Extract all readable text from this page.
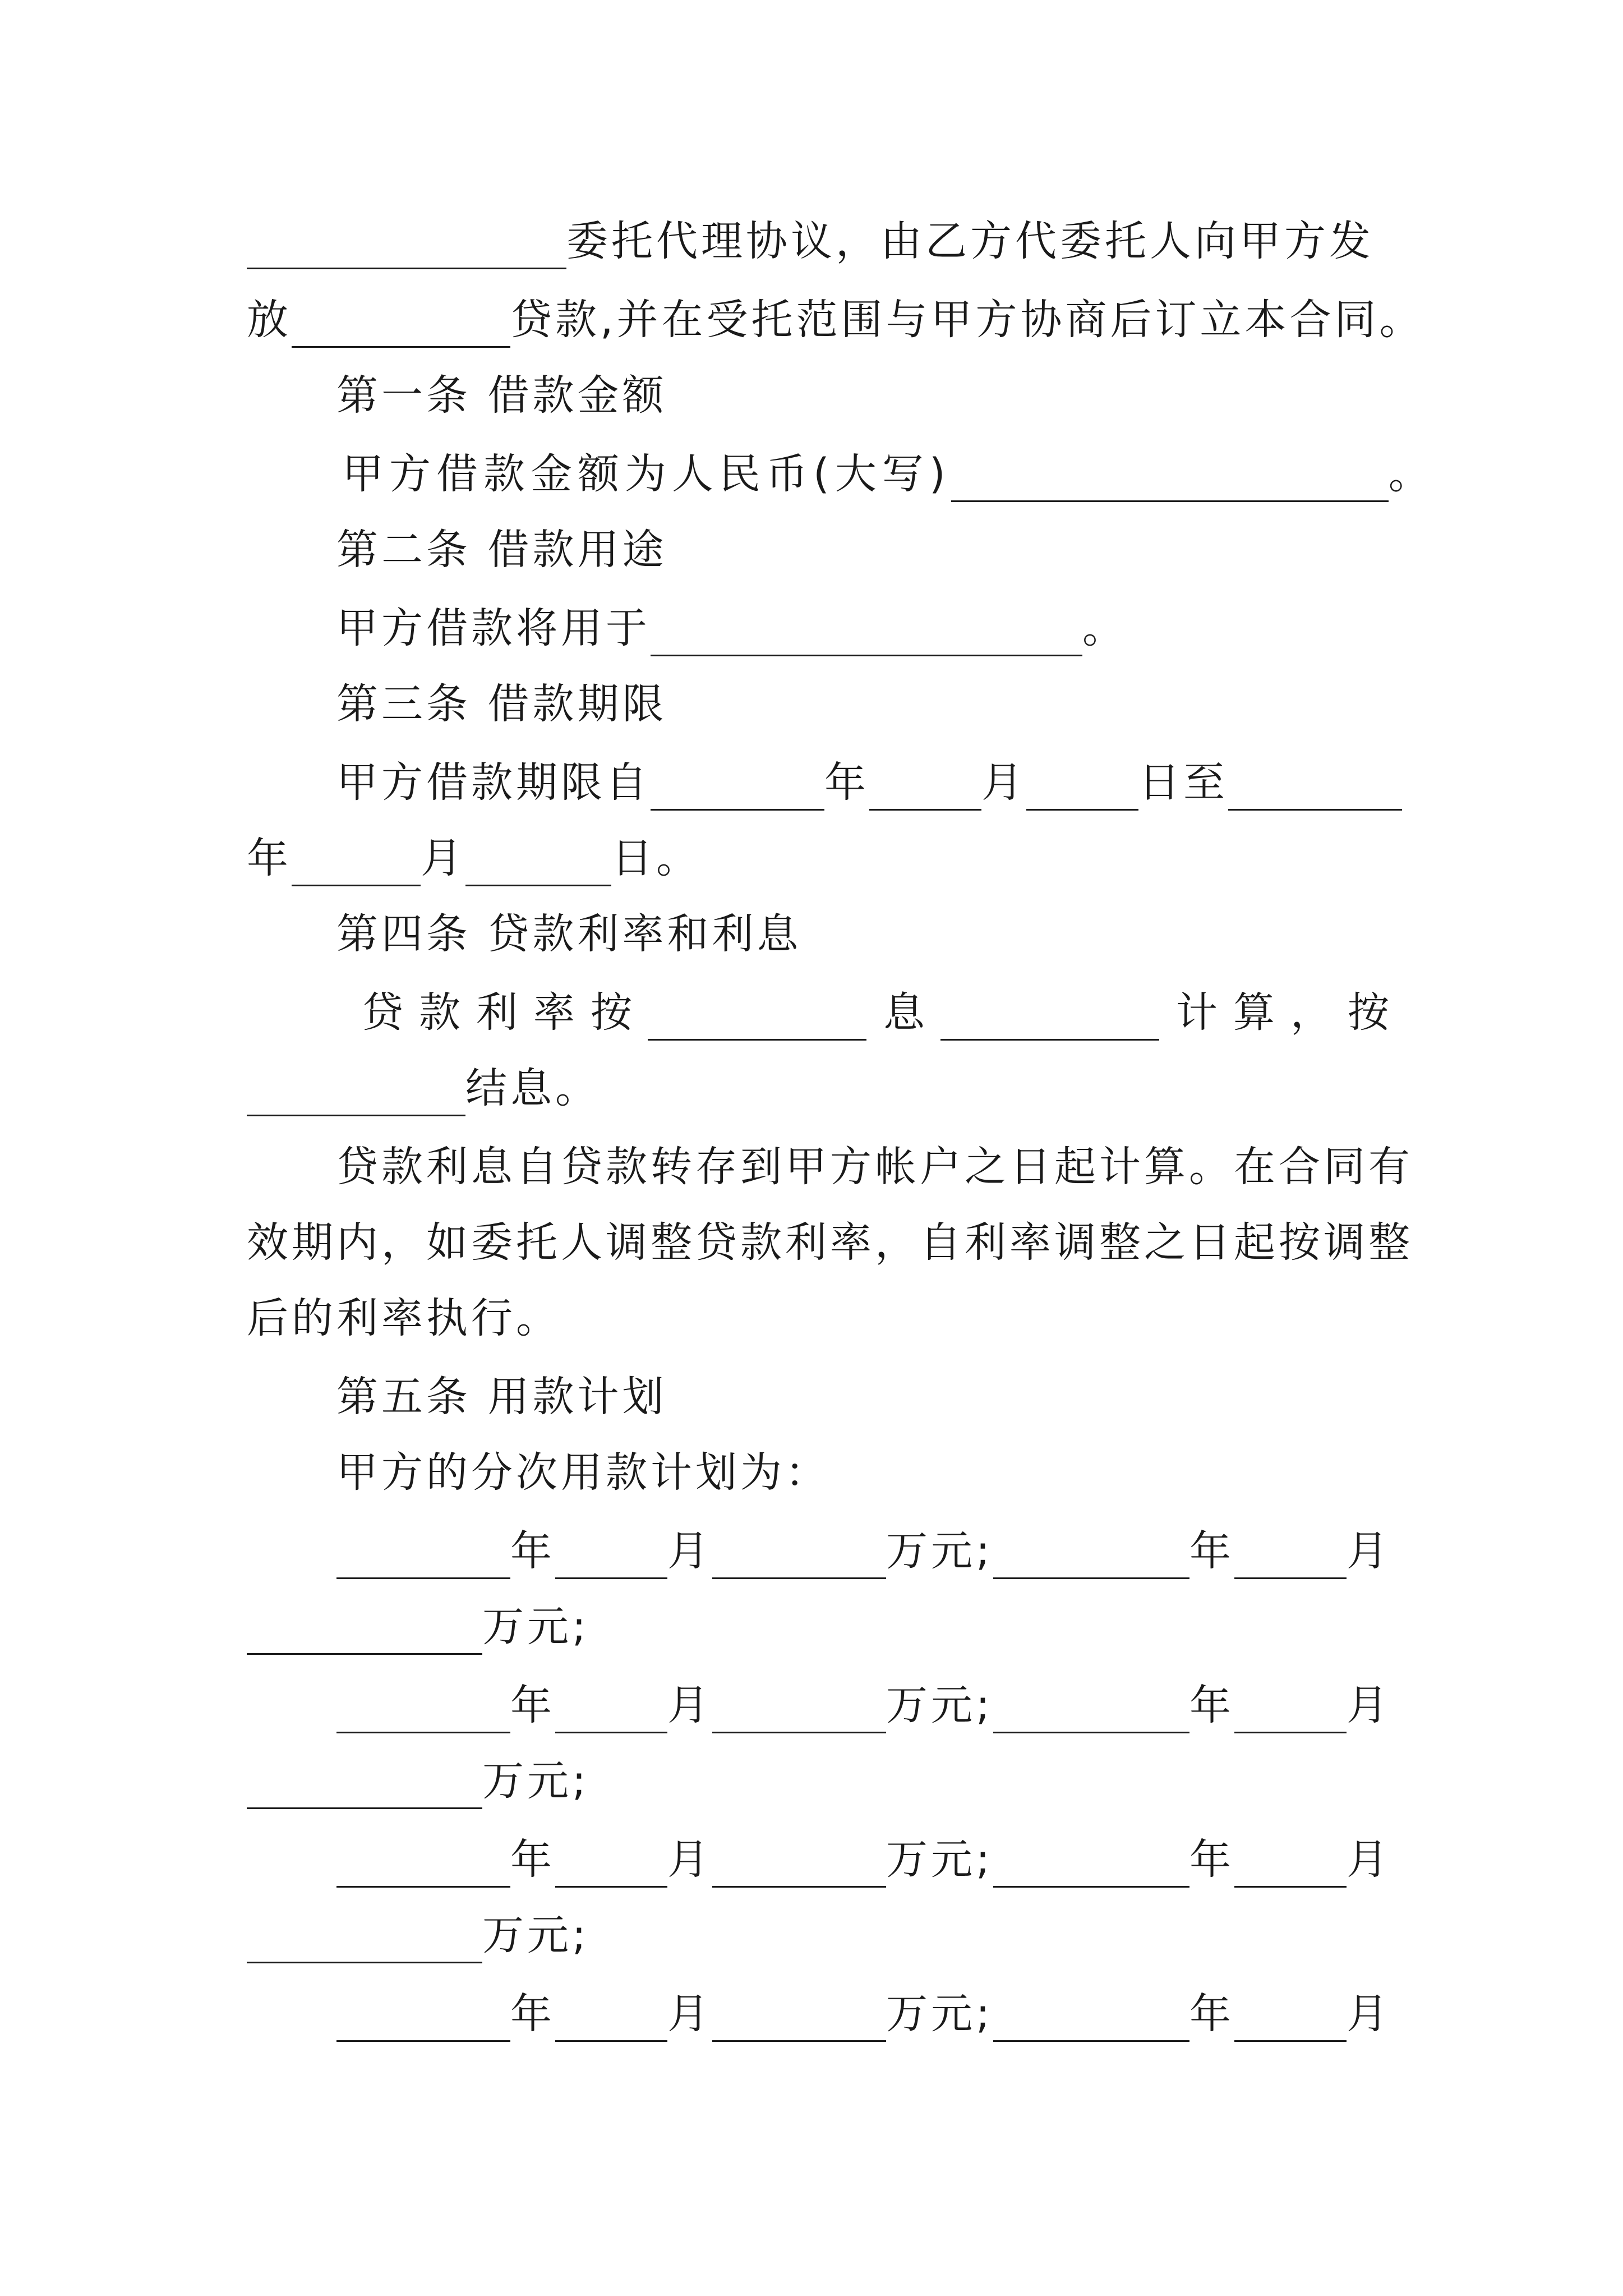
委托代理协议，由乙方代委托人向甲方发
放	贷款,并在受托范围与甲方协商后订立本合同。
第一条 借款金额
甲方借款金额为人民币(大写)	。
第二条 借款用途
甲方借款将用于	。
第三条 借款期限
甲方借款期限自	年	月	日至
年	月	日。
第四条 贷款利率和利息
贷款利率按	息	计算，按
结息。
贷款利息自贷款转存到甲方帐户之日起计算。在合同有
效期内，如委托人调整贷款利率，自利率调整之日起按调整
后的利率执行。
第五条 用款计划
甲方的分次用款计划为：
年	月	万元;	年	月
万元;
年	月	万元;	年	月
万元;
年	月	万元;	年	月
万元;
年	月	万元;	年	月
